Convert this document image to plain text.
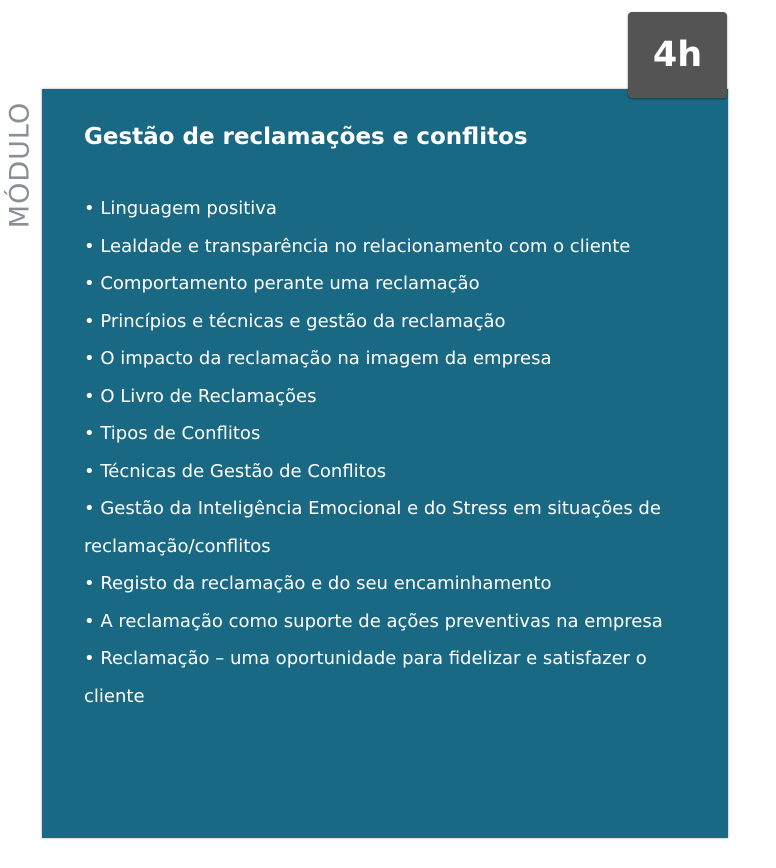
MÓDULO
4h
Gestão de reclamações e conflitos
• Linguagem positiva
• Lealdade e transparência no relacionamento com o cliente
• Comportamento perante uma reclamação
• Princípios e técnicas e gestão da reclamação
• O impacto da reclamação na imagem da empresa
• O Livro de Reclamações
• Tipos de Conflitos
• Técnicas de Gestão de Conflitos
• Gestão da Inteligência Emocional e do Stress em situações de reclamação/conflitos
• Registo da reclamação e do seu encaminhamento
• A reclamação como suporte de ações preventivas na empresa
• Reclamação – uma oportunidade para fidelizar e satisfazer o cliente
